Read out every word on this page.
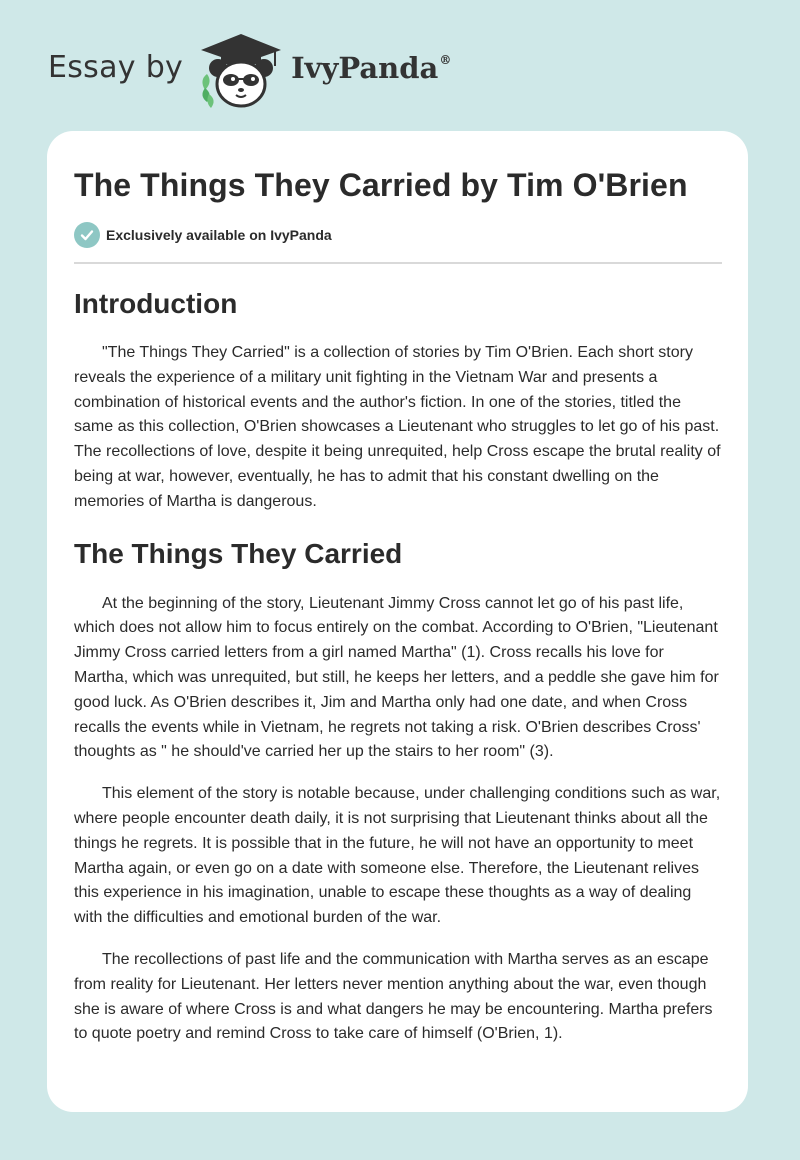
Essay by	IvyPanda®
The Things They Carried by Tim O'Brien
Exclusively available on IvyPanda
Introduction

"The Things They Carried" is a collection of stories by Tim O'Brien. Each short story reveals the experience of a military unit fighting in the Vietnam War and presents a combination of historical events and the author's fiction. In one of the stories, titled the same as this collection, O'Brien showcases a Lieutenant who struggles to let go of his past. The recollections of love, despite it being unrequited, help Cross escape the brutal reality of being at war, however, eventually, he has to admit that his constant dwelling on the memories of Martha is dangerous.

The Things They Carried

At the beginning of the story, Lieutenant Jimmy Cross cannot let go of his past life, which does not allow him to focus entirely on the combat. According to O'Brien, "Lieutenant Jimmy Cross carried letters from a girl named Martha" (1). Cross recalls his love for Martha, which was unrequited, but still, he keeps her letters, and a peddle she gave him for good luck. As O'Brien describes it, Jim and Martha only had one date, and when Cross recalls the events while in Vietnam, he regrets not taking a risk. O'Brien describes Cross' thoughts as " he should've carried her up the stairs to her room" (3).

This element of the story is notable because, under challenging conditions such as war, where people encounter death daily, it is not surprising that Lieutenant thinks about all the things he regrets. It is possible that in the future, he will not have an opportunity to meet Martha again, or even go on a date with someone else. Therefore, the Lieutenant relives this experience in his imagination, unable to escape these thoughts as a way of dealing with the difficulties and emotional burden of the war.

The recollections of past life and the communication with Martha serves as an escape from reality for Lieutenant. Her letters never mention anything about the war, even though she is aware of where Cross is and what dangers he may be encountering. Martha prefers to quote poetry and remind Cross to take care of himself (O'Brien, 1).
